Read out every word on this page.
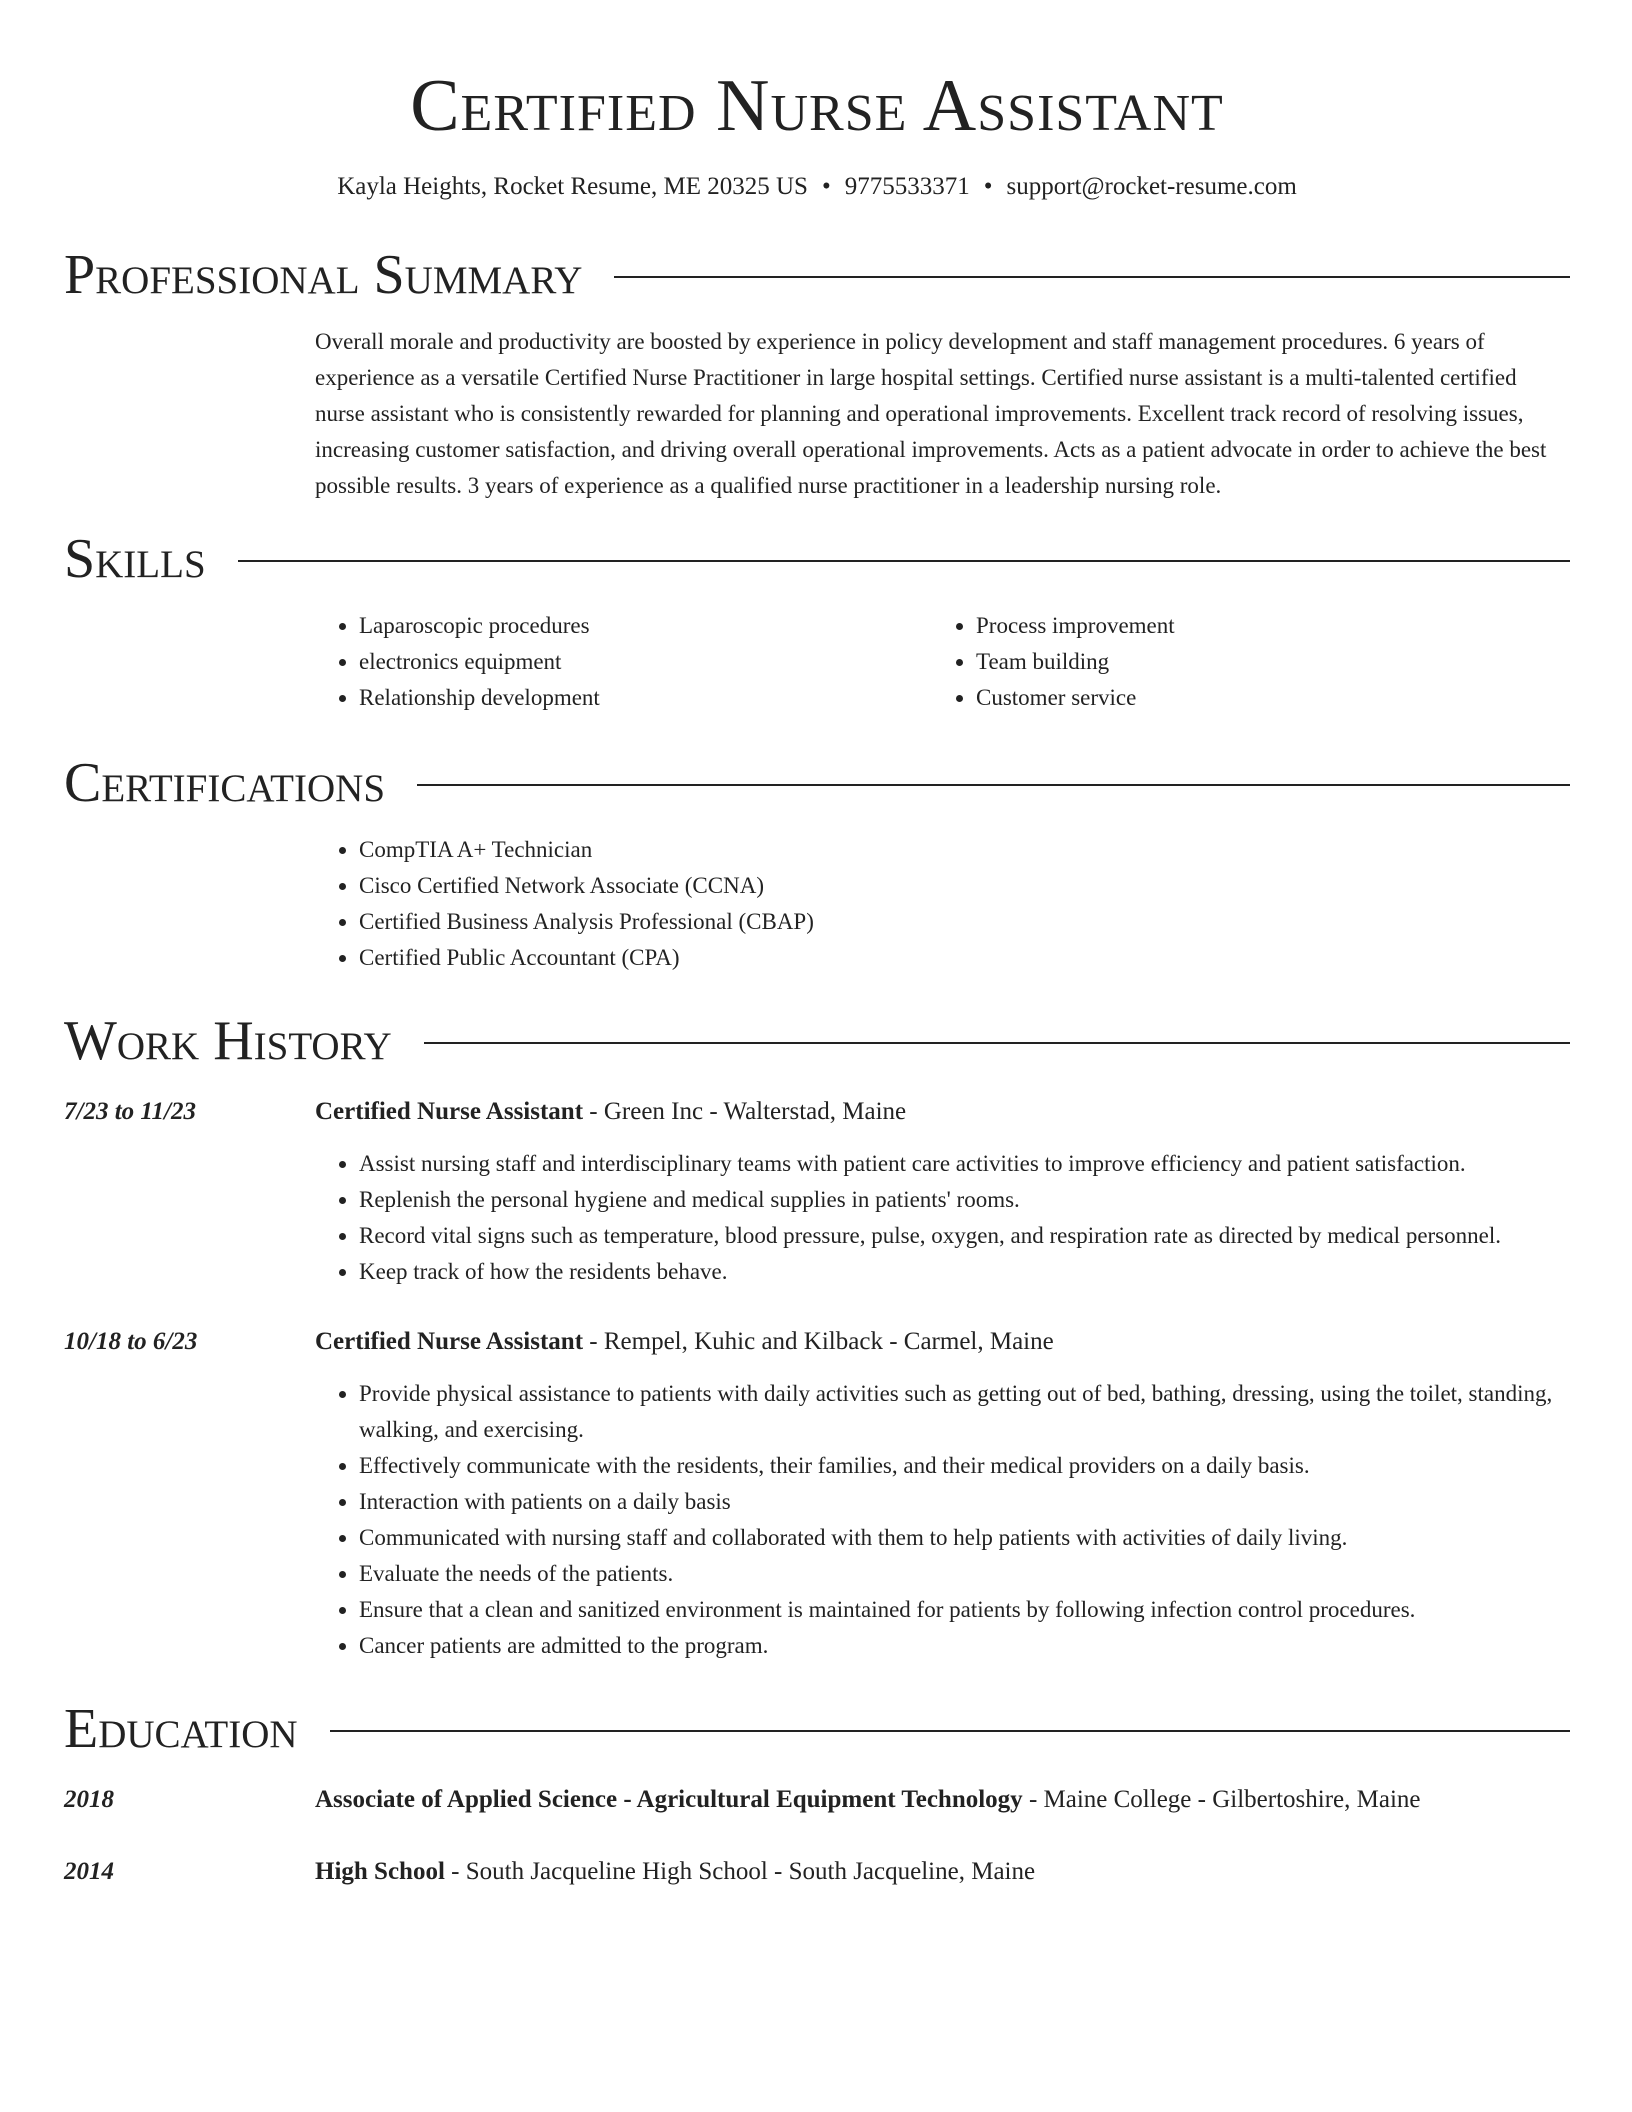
Certified Nurse Assistant
Kayla Heights, Rocket Resume, ME 20325 US • 9775533371 • support@rocket-resume.com
Professional Summary

Overall morale and productivity are boosted by experience in policy development and staff management procedures. 6 years of experience as a versatile Certified Nurse Practitioner in large hospital settings. Certified nurse assistant is a multi-talented certified nurse assistant who is consistently rewarded for planning and operational improvements. Excellent track record of resolving issues, increasing customer satisfaction, and driving overall operational improvements. Acts as a patient advocate in order to achieve the best possible results. 3 years of experience as a qualified nurse practitioner in a leadership nursing role.

Skills
• Laparoscopic procedures
• electronics equipment
• Relationship development
• Process improvement
• Team building
• Customer service
Certifications
• CompTIA A+ Technician
• Cisco Certified Network Associate (CCNA)
• Certified Business Analysis Professional (CBAP)
• Certified Public Accountant (CPA)
Work History
7/23 to 11/23	Certified Nurse Assistant - Green Inc - Walterstad, Maine
• Assist nursing staff and interdisciplinary teams with patient care activities to improve efficiency and patient satisfaction.
• Replenish the personal hygiene and medical supplies in patients' rooms.
• Record vital signs such as temperature, blood pressure, pulse, oxygen, and respiration rate as directed by medical personnel.
• Keep track of how the residents behave.
10/18 to 6/23	Certified Nurse Assistant - Rempel, Kuhic and Kilback - Carmel, Maine
• Provide physical assistance to patients with daily activities such as getting out of bed, bathing, dressing, using the toilet, standing, walking, and exercising.
• Effectively communicate with the residents, their families, and their medical providers on a daily basis.
• Interaction with patients on a daily basis
• Communicated with nursing staff and collaborated with them to help patients with activities of daily living.
• Evaluate the needs of the patients.
• Ensure that a clean and sanitized environment is maintained for patients by following infection control procedures.
• Cancer patients are admitted to the program.
Education
2018	Associate of Applied Science - Agricultural Equipment Technology - Maine College - Gilbertoshire, Maine
2014	High School - South Jacqueline High School - South Jacqueline, Maine
